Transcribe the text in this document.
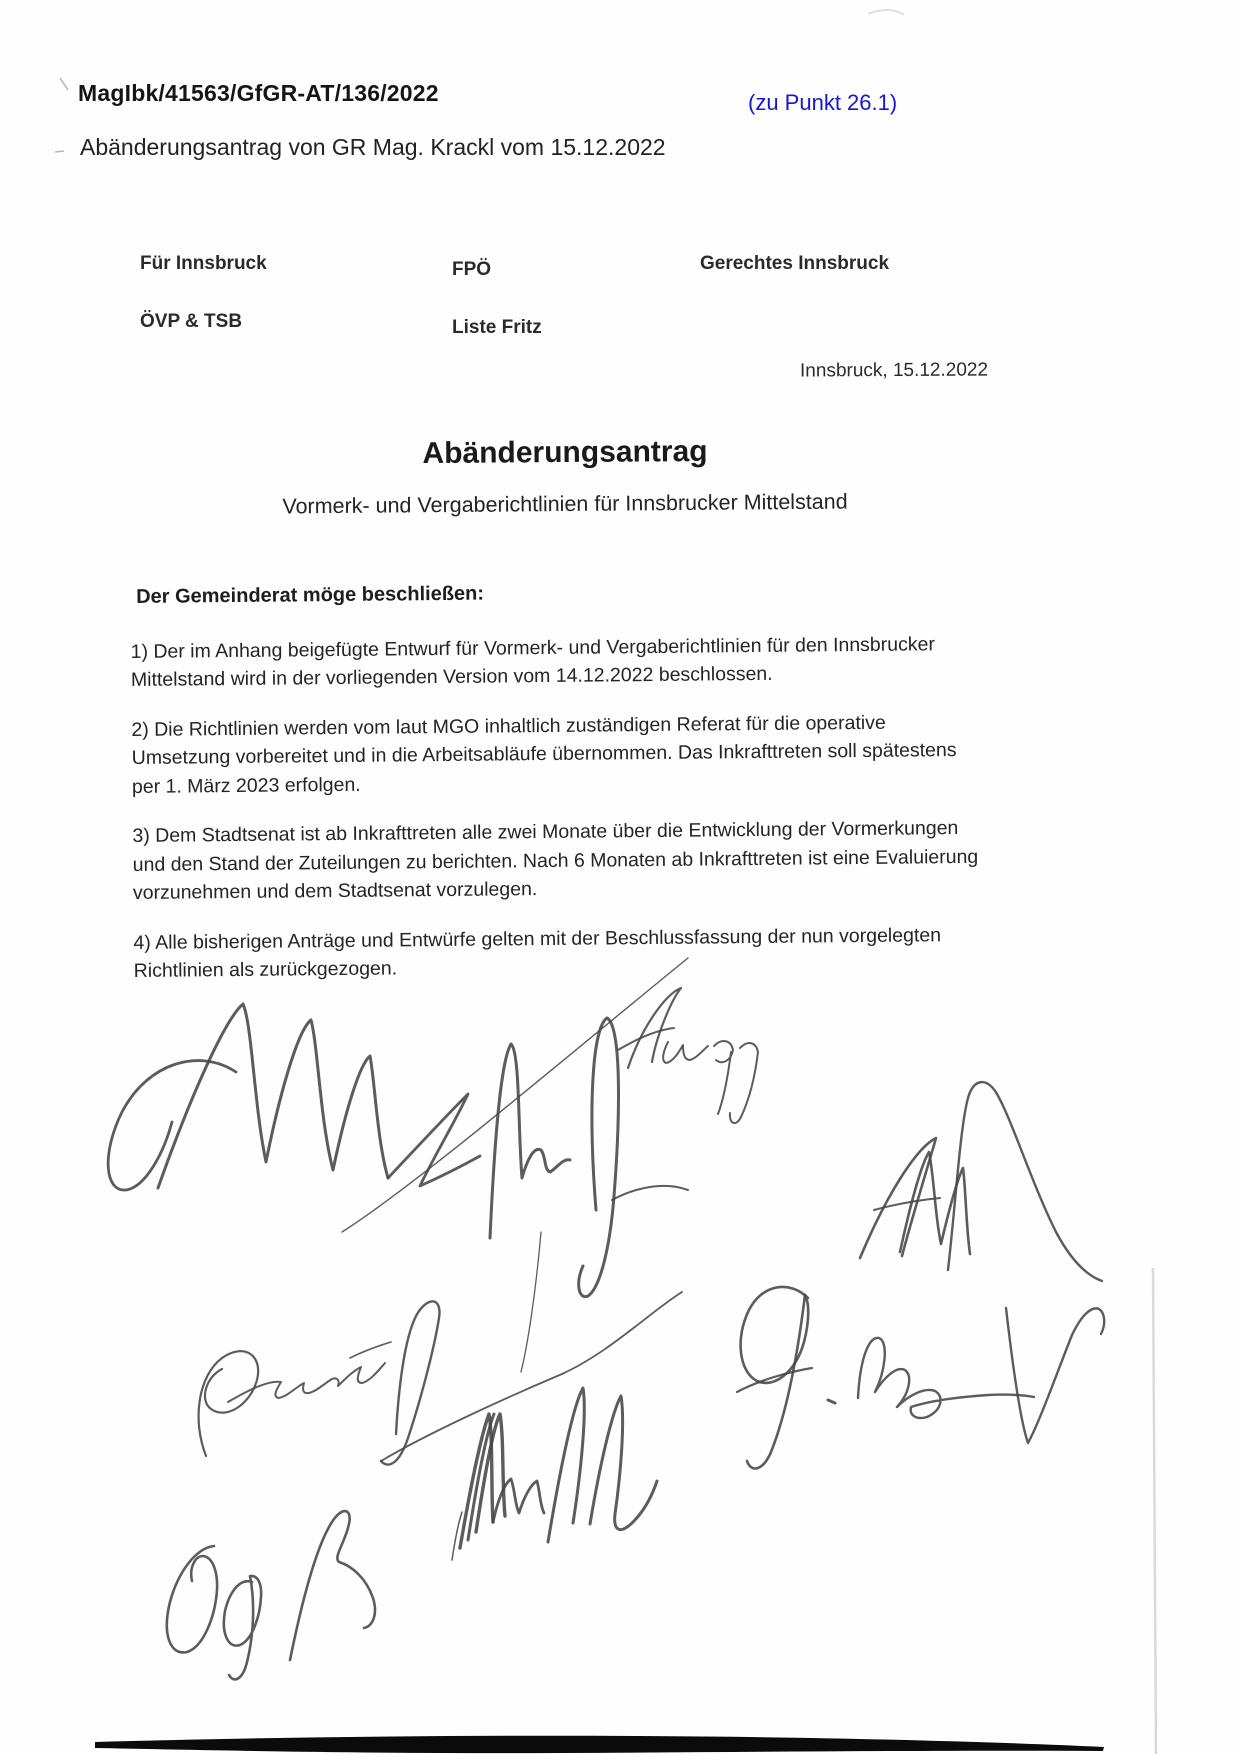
MagIbk/41563/GfGR-AT/136/2022	(zu Punkt 26.1)
Abänderungsantrag von GR Mag. Krackl vom 15.12.2022

Für Innsbruck

ÖVP & TSB

FPÖ

Liste Fritz

Gerechtes Innsbruck

Innsbruck, 15.12.2022
Abänderungsantrag
Vormerk- und Vergaberichtlinien für Innsbrucker Mittelstand
Der Gemeinderat möge beschließen:

1) Der im Anhang beigefügte Entwurf für Vormerk- und Vergaberichtlinien für den Innsbrucker
Mittelstand wird in der vorliegenden Version vom 14.12.2022 beschlossen.

2) Die Richtlinien werden vom laut MGO inhaltlich zuständigen Referat für die operative
Umsetzung vorbereitet und in die Arbeitsabläufe übernommen. Das Inkrafttreten soll spätestens
per 1. März 2023 erfolgen.

3) Dem Stadtsenat ist ab Inkrafttreten alle zwei Monate über die Entwicklung der Vormerkungen
und den Stand der Zuteilungen zu berichten. Nach 6 Monaten ab Inkrafttreten ist eine Evaluierung
vorzunehmen und dem Stadtsenat vorzulegen.

4) Alle bisherigen Anträge und Entwürfe gelten mit der Beschlussfassung der nun vorgelegten
Richtlinien als zurückgezogen.
